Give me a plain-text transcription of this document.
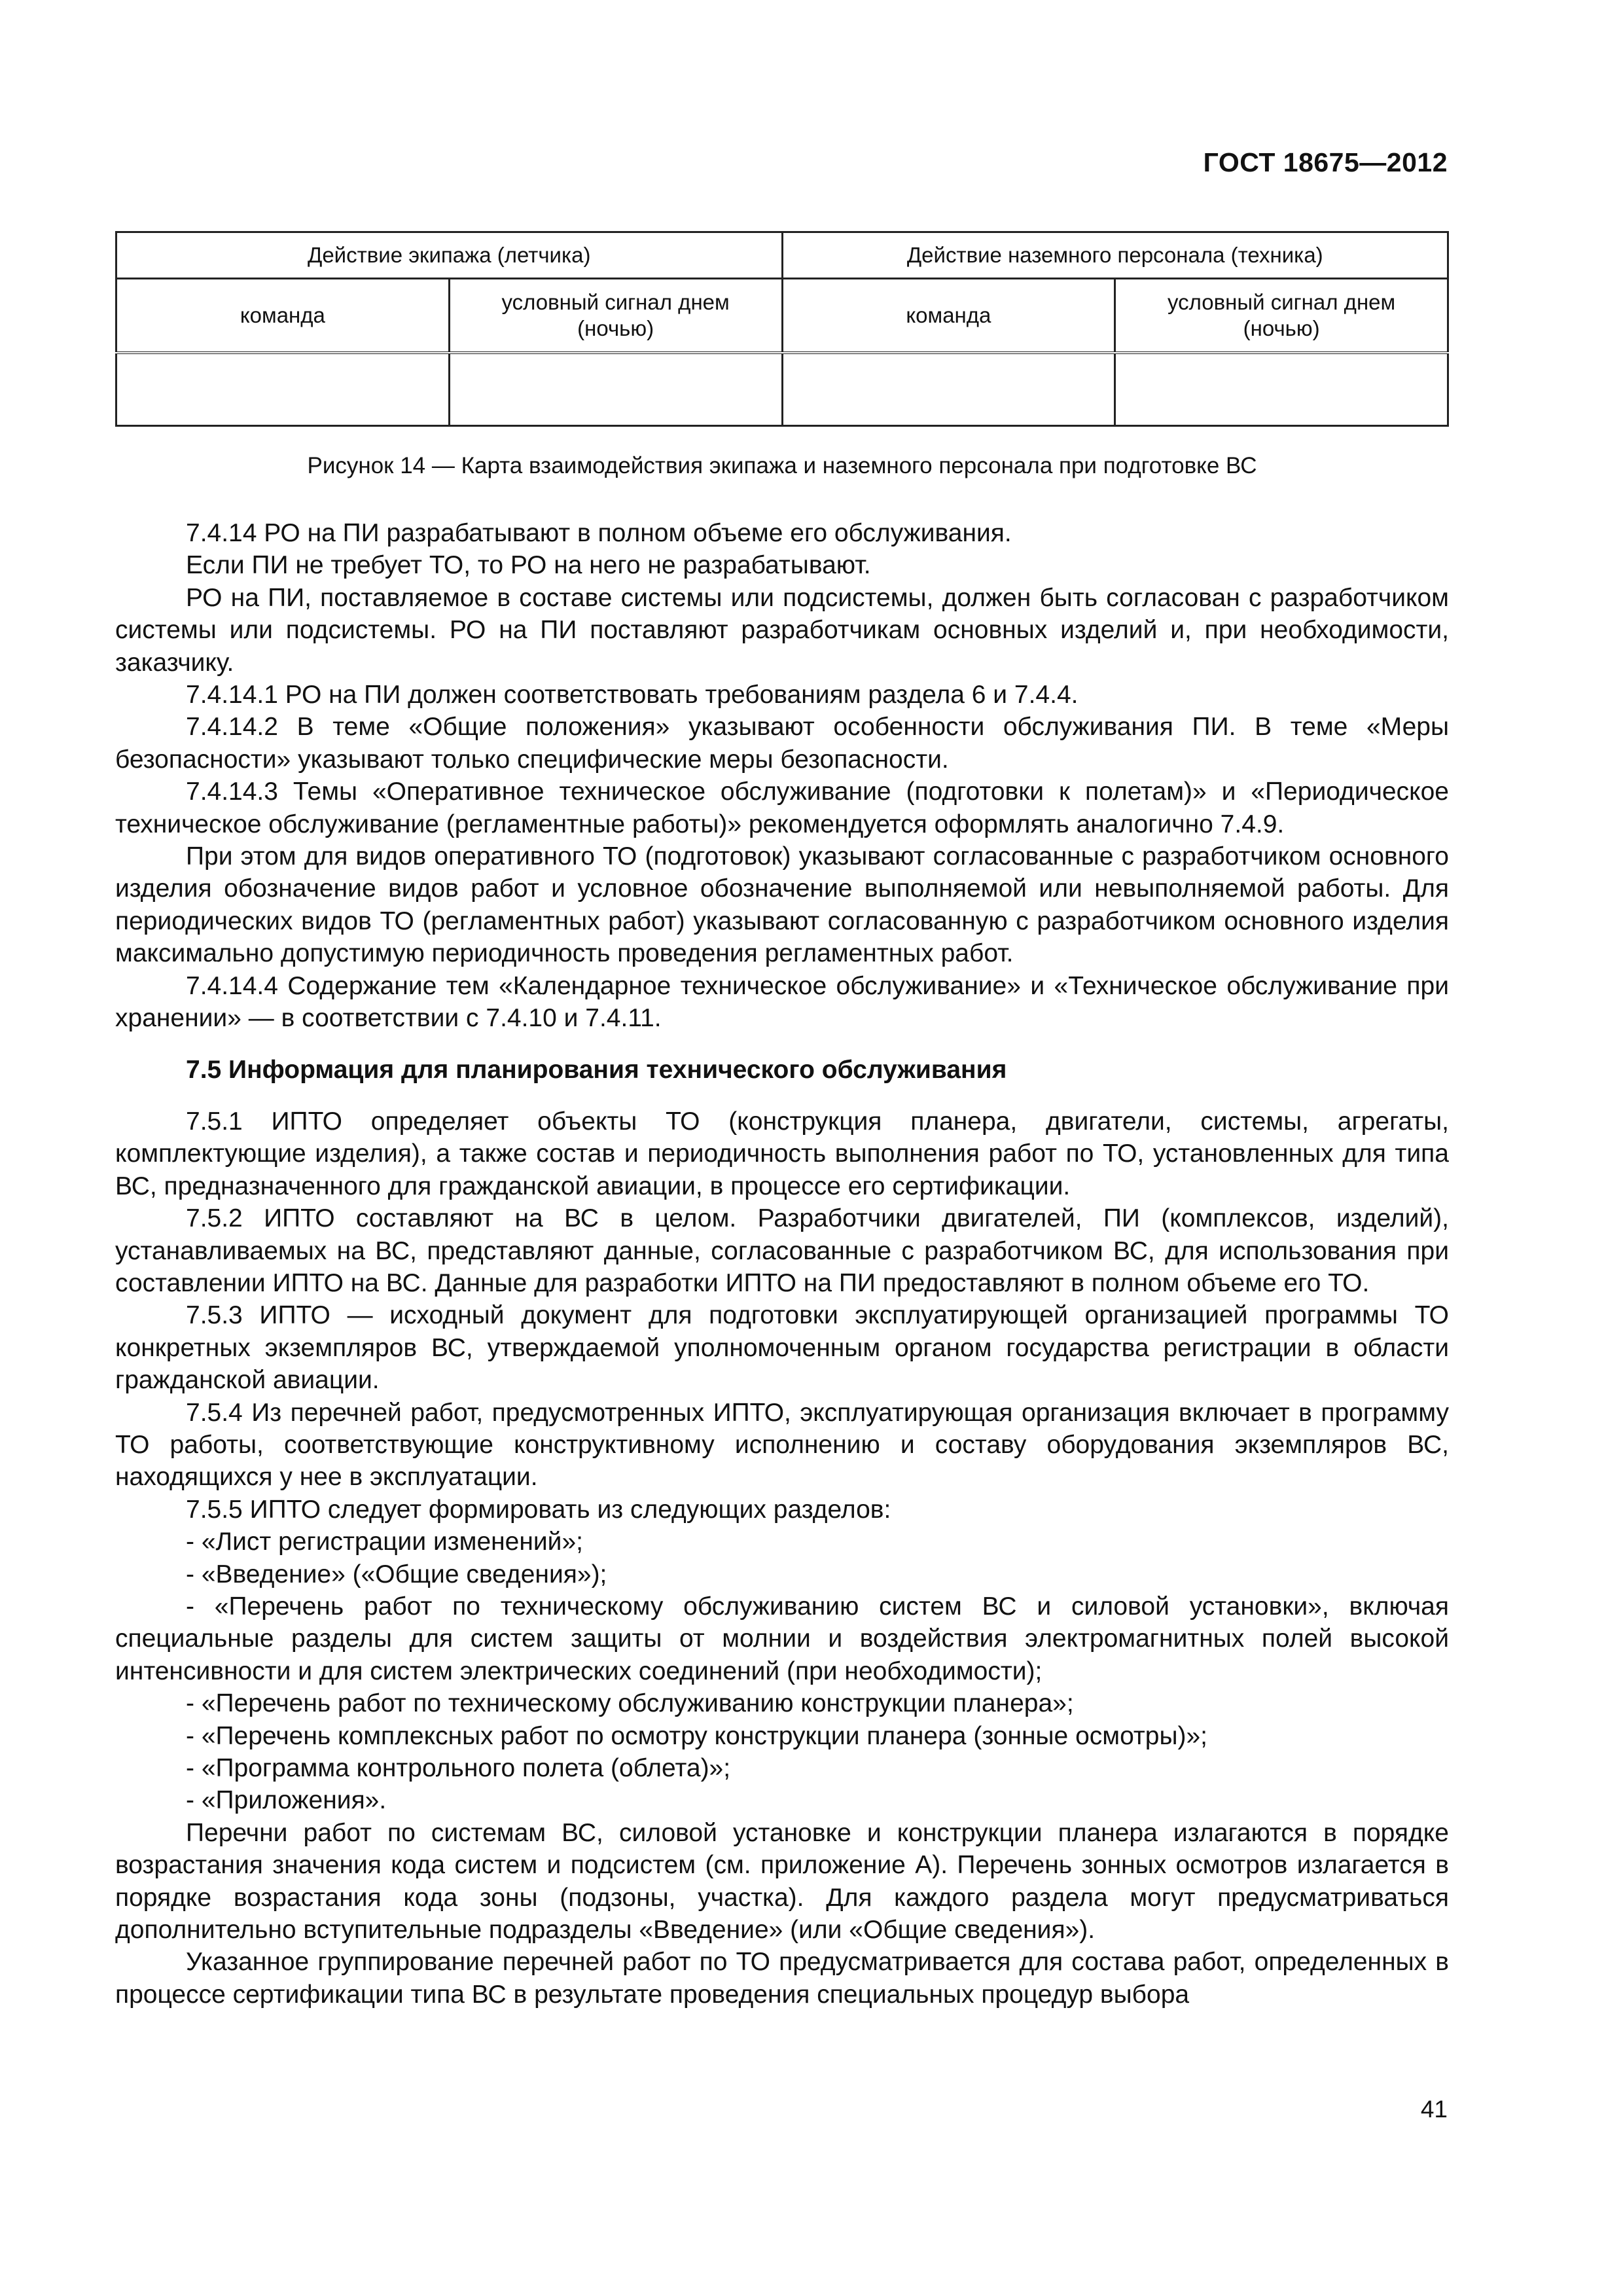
ГОСТ 18675—2012
Действие экипажа (летчика)		Действие наземного персонала (техника)	
команда	условный сигнал днем (ночью)	команда	условный сигнал днем (ночью)

Рисунок 14 — Карта взаимодействия экипажа и наземного персонала при подготовке ВС

7.4.14 РО на ПИ разрабатывают в полном объеме его обслуживания.

Если ПИ не требует ТО, то РО на него не разрабатывают.

РО на ПИ, поставляемое в составе системы или подсистемы, должен быть согласован с разработчиком системы или подсистемы. РО на ПИ поставляют разработчикам основных изделий и, при необходимости, заказчику.

7.4.14.1 РО на ПИ должен соответствовать требованиям раздела 6 и 7.4.4.

7.4.14.2 В теме «Общие положения» указывают особенности обслуживания ПИ. В теме «Меры безопасности» указывают только специфические меры безопасности.

7.4.14.3 Темы «Оперативное техническое обслуживание (подготовки к полетам)» и «Периодическое техническое обслуживание (регламентные работы)» рекомендуется оформлять аналогично 7.4.9.

При этом для видов оперативного ТО (подготовок) указывают согласованные с разработчиком основного изделия обозначение видов работ и условное обозначение выполняемой или невыполняемой работы. Для периодических видов ТО (регламентных работ) указывают согласованную с разработчиком основного изделия максимально допустимую периодичность проведения регламентных работ.

7.4.14.4 Содержание тем «Календарное техническое обслуживание» и «Техническое обслуживание при хранении» — в соответствии с 7.4.10 и 7.4.11.

7.5 Информация для планирования технического обслуживания

7.5.1 ИПТО определяет объекты ТО (конструкция планера, двигатели, системы, агрегаты, комплектующие изделия), а также состав и периодичность выполнения работ по ТО, установленных для типа ВС, предназначенного для гражданской авиации, в процессе его сертификации.

7.5.2 ИПТО составляют на ВС в целом. Разработчики двигателей, ПИ (комплексов, изделий), устанавливаемых на ВС, представляют данные, согласованные с разработчиком ВС, для использования при составлении ИПТО на ВС. Данные для разработки ИПТО на ПИ предоставляют в полном объеме его ТО.

7.5.3 ИПТО — исходный документ для подготовки эксплуатирующей организацией программы ТО конкретных экземпляров ВС, утверждаемой уполномоченным органом государства регистрации в области гражданской авиации.

7.5.4 Из перечней работ, предусмотренных ИПТО, эксплуатирующая организация включает в программу ТО работы, соответствующие конструктивному исполнению и составу оборудования экземпляров ВС, находящихся у нее в эксплуатации.

7.5.5 ИПТО следует формировать из следующих разделов:

- «Лист регистрации изменений»;

- «Введение» («Общие сведения»);

- «Перечень работ по техническому обслуживанию систем ВС и силовой установки», включая специальные разделы для систем защиты от молнии и воздействия электромагнитных полей высокой интенсивности и для систем электрических соединений (при необходимости);

- «Перечень работ по техническому обслуживанию конструкции планера»;

- «Перечень комплексных работ по осмотру конструкции планера (зонные осмотры)»;

- «Программа контрольного полета (облета)»;

- «Приложения».

Перечни работ по системам ВС, силовой установке и конструкции планера излагаются в порядке возрастания значения кода систем и подсистем (см. приложение А). Перечень зонных осмотров излагается в порядке возрастания кода зоны (подзоны, участка). Для каждого раздела могут предусматриваться дополнительно вступительные подразделы «Введение» (или «Общие сведения»).

Указанное группирование перечней работ по ТО предусматривается для состава работ, определенных в процессе сертификации типа ВС в результате проведения специальных процедур выбора

41
